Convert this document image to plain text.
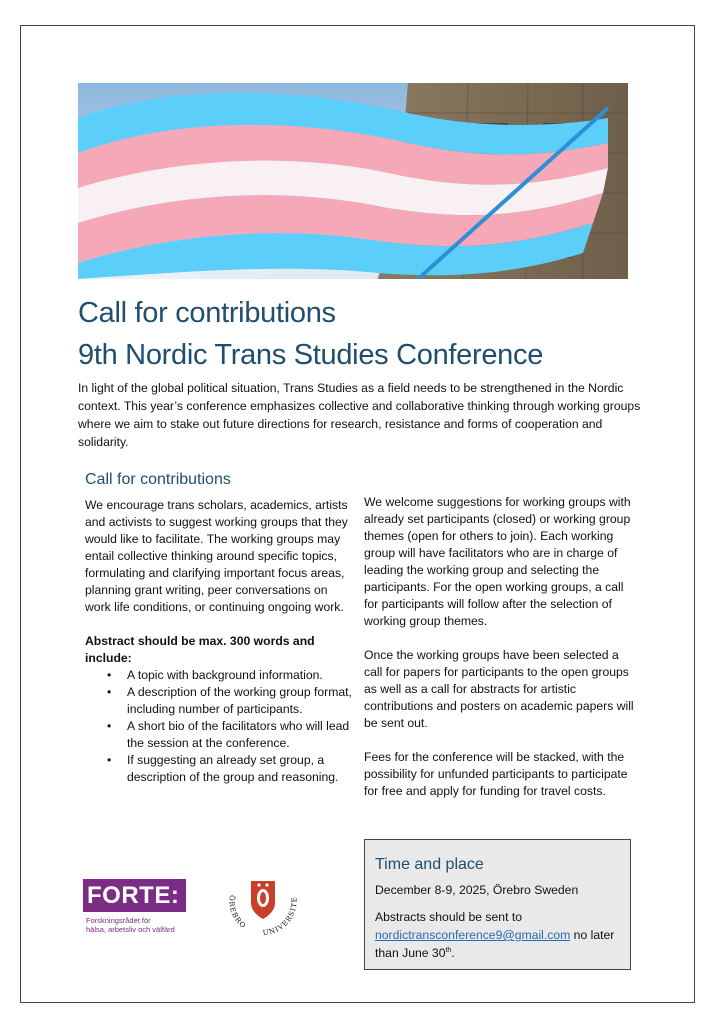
Call for contributions
9th Nordic Trans Studies Conference

In light of the global political situation, Trans Studies as a field needs to be strengthened in the Nordic context. This year’s conference emphasizes collective and collaborative thinking through working groups where we aim to stake out future directions for research, resistance and forms of cooperation and solidarity.

Call for contributions

We encourage trans scholars, academics, artists and activists to suggest working groups that they would like to facilitate. The working groups may entail collective thinking around specific topics, formulating and clarifying important focus areas, planning grant writing, peer conversations on work life conditions, or continuing ongoing work.

Abstract should be max. 300 words and include:

• A topic with background information.
• A description of the working group format, including number of participants.
• A short bio of the facilitators who will lead the session at the conference.
• If suggesting an already set group, a description of the group and reasoning.

We welcome suggestions for working groups with already set participants (closed) or working group themes (open for others to join). Each working group will have facilitators who are in charge of leading the working group and selecting the participants. For the open working groups, a call for participants will follow after the selection of working group themes.

Once the working groups have been selected a call for papers for participants to the open groups as well as a call for abstracts for artistic contributions and posters on academic papers will be sent out.

Fees for the conference will be stacked, with the possibility for unfunded participants to participate for free and apply for funding for travel costs.

Time and place
December 8-9, 2025, Örebro Sweden
Abstracts should be sent to
nordictransconference9@gmail.com no later than June 30th.
FORTE:
Forskningsrådet för
hälsa, arbetsliv och välfärd
ÖREBRO
UNIVERSITE
